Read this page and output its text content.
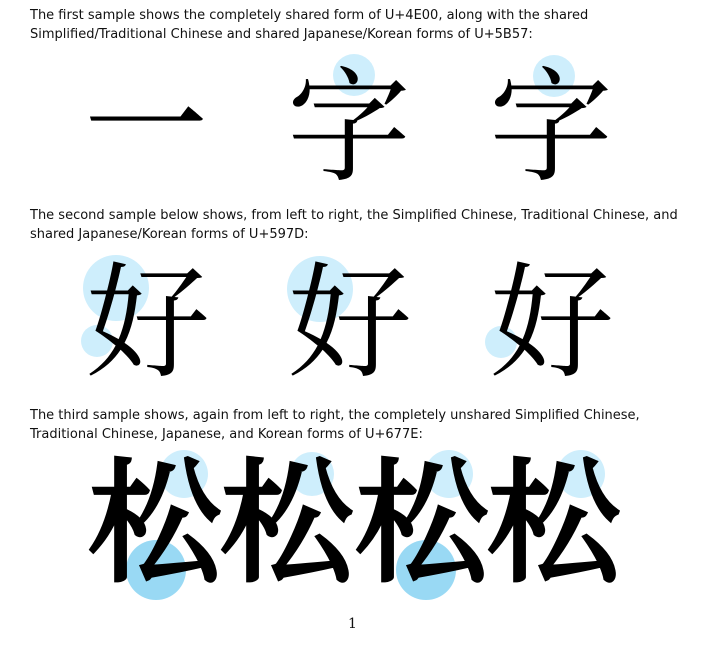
The first sample shows the completely shared form of U+4E00, along with the shared Simplified/Traditional Chinese and shared Japanese/Korean forms of U+5B57:

一 字 字

The second sample below shows, from left to right, the Simplified Chinese, Traditional Chinese, and shared Japanese/Korean forms of U+597D:

好 好 好

The third sample shows, again from left to right, the completely unshared Simplified Chinese, Traditional Chinese, Japanese, and Korean forms of U+677E:

松
松 松
松
1
